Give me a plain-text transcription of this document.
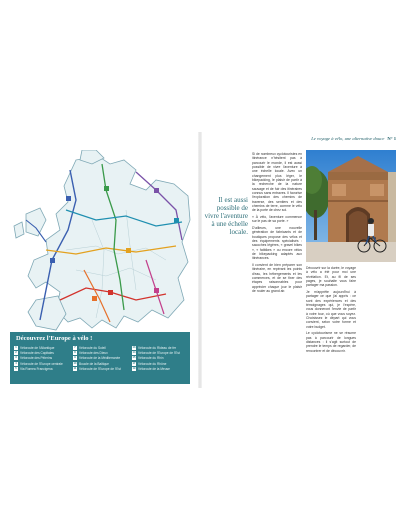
Découvrez l'Europe à vélo !
1	Véloroute de l'Atlantique	7	Véloroute du Soleil	13 Véloroute du Rideau de fer
2	Véloroute des Capitales	8	Véloroute des Dieux	14 Véloroute de l'Europe de l'Est
3	Véloroute des Pèlerins	9	Véloroute de la Méditerranée	15 Véloroute du Rhin
4	Véloroute de l'Europe centrale	10 Boucle de la Baltique	17 Véloroute du Rhône
5	Via Romea Francigena	11 Véloroute de l'Europe de l'Est	19 Véloroute de la Meuse
Le voyage à vélo, une alternative douce N° 1
Il est aussi possible de vivre l'aventure à une échelle locale.

Si de nombreux cyclotouristes en itinérance n'hésitent pas à parcourir le monde, il est aussi possible de vivre l'aventure à une échelle locale. Avec un changement plus léger, le bikepacking, le plaisir de partir à la recherche de la nature sauvage et de fuir des itinéraires connus sans entraves. Il favorise l'exploration des chemins de traverse, des sentiers et des chemins de terre, comme le vélo de la porte de chez soi.

« À vélo, l'aventure commence sur le pas de sa porte. »

D'ailleurs, une nouvelle génération de fabricants et de boutiques propose des vélos et des équipements spécialisés : sacoches légères, « gravel bikes », « fatbikes » ou encore vélos de bikepacking adaptés aux itinérances.

Il convient de bien préparer son itinéraire, en repérant les points d'eau, les hébergements et les commerces, et de se fixer des étapes raisonnables pour apprécier chaque jour le plaisir de rouler au grand air.

Découvrir sur la durée, le voyage à vélo a été pour moi une révélation. Et, au fil de ses pages, je souhaite vous faire partager ma passion.

Je m'apprête aujourd'hui à partager ce que j'ai appris : ce sont des expériences et des témoignages qui, je l'espère, vous donneront l'envie de partir à votre tour, où que vous soyez. Choisissez le départ qui vous convient, selon votre forme et votre budget.

Le cyclotourisme ne se résume pas à parcourir de longues distances : il s'agit surtout de prendre le temps de regarder, de rencontrer et de découvrir.
